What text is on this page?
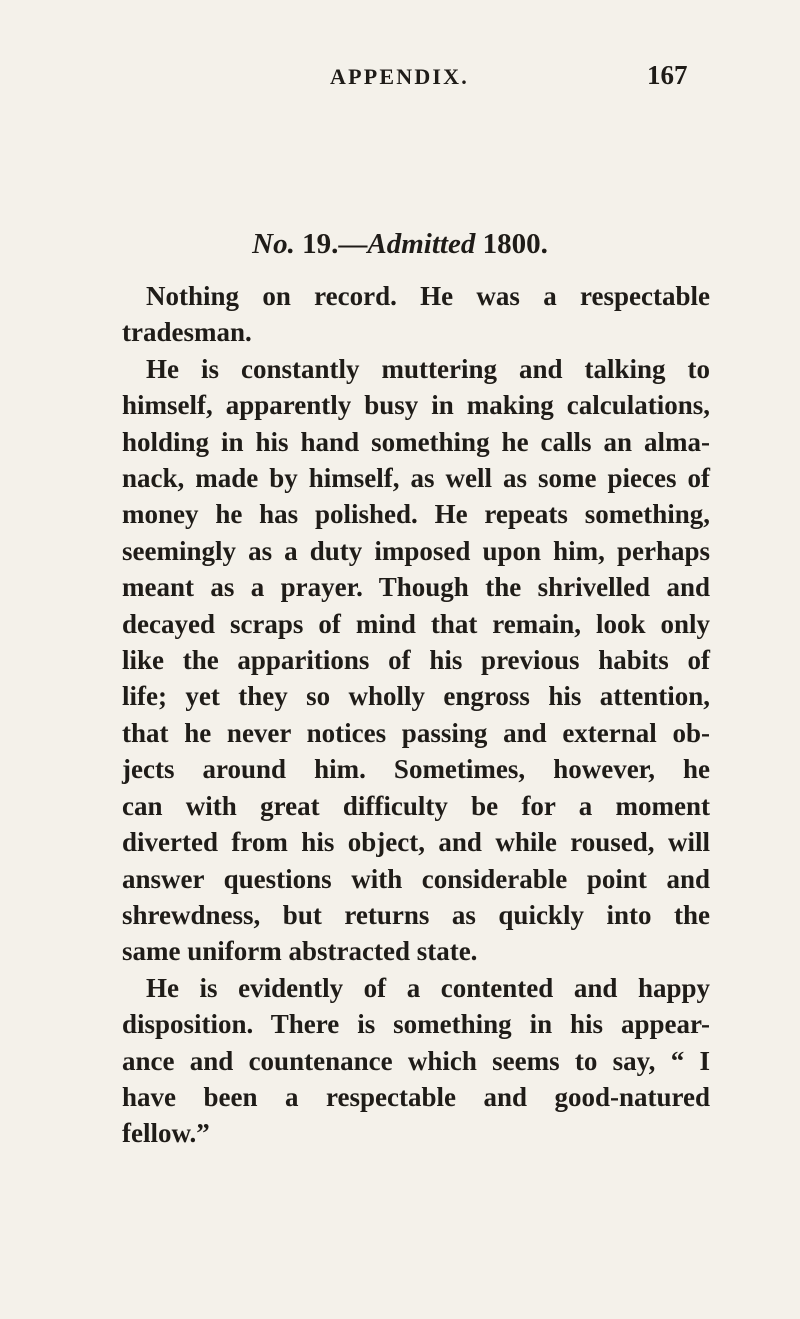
APPENDIX.	167
No. 19.—Admitted 1800.
Nothing on record. He was a respectable
tradesman.
He is constantly muttering and talking to
himself, apparently busy in making calculations,
holding in his hand something he calls an alma-
nack, made by himself, as well as some pieces of
money he has polished. He repeats something,
seemingly as a duty imposed upon him, perhaps
meant as a prayer. Though the shrivelled and
decayed scraps of mind that remain, look only
like the apparitions of his previous habits of
life; yet they so wholly engross his attention,
that he never notices passing and external ob-
jects around him. Sometimes, however, he
can with great difficulty be for a moment
diverted from his object, and while roused, will
answer questions with considerable point and
shrewdness, but returns as quickly into the
same uniform abstracted state.
He is evidently of a contented and happy
disposition. There is something in his appear-
ance and countenance which seems to say, “ I
have been a respectable and good-natured
fellow.”
